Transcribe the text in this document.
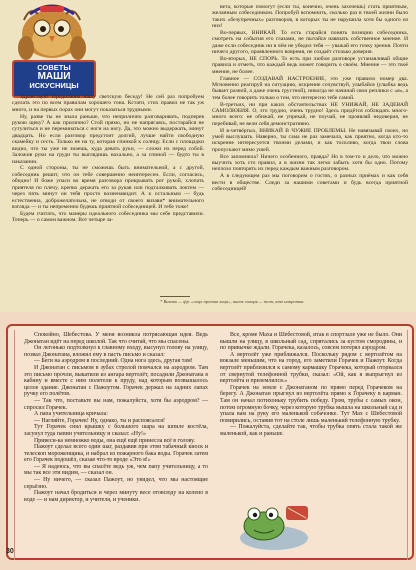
СОВЕТЫ
МАШИ
ИСКУСНИЦЫ

Здравствуй! Продолжим нашу светскую беседу! Не сей раз попробуем сделать это по всем правилам хорошего тона. Кстати, стих правил не так уж много, и на первых порах они могут показаться трудными.

Ну, разве ты не знала раньше, что неприлично разговаривать, подперев рукою щеку? А как прилично? Стой прямо, но не напрягаясь, постарайся не сутулиться и не переминаться с ноги на ногу. Да, это можно выдержать, минут двадцать. Но если разговор предстоит долгий, лучше найти свободную скамейку и сесть. Только не на ту, которая спинкой к солнцу. Если с площадки видно, что ты уже не знаешь, куда девать руки, — сложи их перед собой. Заложив руки на груди ты выглядишь нахально, а за спиной — будто ты в наказании.

С одной стороны, ты не сможешь быть внимательной, а с другой, собеседник решит, что он тебе совершенно неинтересен. Если, согласись, обидно! И боже упаси во время разговора прикрывать рот рукой, хлопать приятеля по плечу, крепко держать его за рукав или подталкивать локтем — через пять минут он тебя просто возненавидит. А к остальным — будь естественна, доброжелательна, не отводи от своего визави* внимательного взгляда — и ты непременно будешь приятной собеседницей. И тебе тоже!

Будем считать, что манеры идеального собеседника мы себе представили. Теперь — о самом важном. Вот четыре за-

вета, которые помогут (если ты, конечно, очень захочешь) стать приятным, желанным собеседником. Попробуй вспомнить, сколько раз в твоей жизни было таких «безупречных» разговоров, в которых ты не нарушила хотя бы одного из них!

Во-первых, ВНИКАЙ. То есть старайся понять позицию собеседника, смотреть на события его глазами, не пытайся навязать собственное мнение. И даже если собеседник ни в чём не убедил тебя — уважай его точку зрения. Почти ничего другого, проявленного вовремя, не создаёт столько доверия.

Во-вторых, НЕ СПОРЬ. То есть при любом разговоре устанавливай общие правила и отметь, что каждый ведь может говорить о своём. Мнение — это твоё мнение, не более.

Главное — СОЗДАВАЙ НАСТРОЕНИЕ, это уже правило номер два. Мгновенно реагируй на ситуацию, искренне сочувствуй, улыбайся (улыбка ведь бывает разной, а даже очень грустной), никогда не начинай свои реплики с «я», а тем более говорить только о том, что интересно тебе самой.

В-третьих, ни при каких обстоятельствах НЕ УНИЖАЙ, НЕ ЗАДЕВАЙ САМОЛЮБИЯ. О, это трудно, очень трудно! Здесь придётся соблюдать много-много всего: не обижай, не упрекай, не поучай, не проявляй недоверия, не перебивай, не вели себя демонстративно.

И в-четвёртых, ВНИКАЙ В ЧУЖИЕ ПРОБЛЕМЫ. Не навязывай своих, но умей выслушать. Наверно, ты сама не раз замечала, как приятно, когда кто-то искренне интересуется твоими делами, и как тоскливо, когда твои слова пропускают мимо ушей.

Все запомнила? Ничего особенного, правда? Но в том-то и дело, что можно выучить хоть сто правил, а в жизни так легко забыть хотя бы одно. Потому неплохо повторять их перед каждым важным разговором.

А в следующем раз мы поговорим о гостях, о разных приёмах и как себя вести в обществе. Следи за нашими советами и будь всегда приятной собеседницей!

* Визави — фр. «лицо против лица», иначе говоря — тот, кто напротив.

Спокойно, Шебестова. У меня возникла потрясающая идея. Ведь Джонатан идёт на перед школой. Так что считай, что мы спасены.

Он легонько подтолкнул к главному входу, высунул голову на улицу, позвал Джонатана, вложил ему в пасть письмо и сказал:

— Беги на аэродром в последний. Одна нога здесь, другая там!

И Джонатан с письмом в зубах стрелой помчался на аэродром. Там это письмо прочли, выкатили из ангара вертолёт, посадили Джонатана в кабину и вместе с ним полетели к пруду, над которым возвышалось целое здание. Джонатан с Пажоутом. Горачек держал на задних лапах ручку его полётов.

— Так что, поставьте вы нам, пожалуйста, хотя бы аэродром? — спросил Горачек.

А папа учительница кричала:

— Нагляйте, Горачек! Ну, однако, ты и распоясался!

Тут Горачек снял крышку с большого шара на шпиле костёла, засунул туда папин учительницу и сказал: «Ну!»

Привеси-ка немножко воды, она ещё ещё принесла всё в голову.

Пажоут сделал всего один шаг, раздавив при этом табачный киоск и телескоп мороженщика, и набрал из пожарного бака воды. Горачек затем его Горачек подошёл, сказав что-то вроде «Это я!»

— Я надеюсь, что вы спасёте ведь уж, чем папу учительницу, а то мы так все эти видим, — сказал он.

— Ну ничего, — сказал Пажоут, но увидел, что мы настоящие серьёзно.

Пажоут начал бродиться и через минуту весе отовсюду на колено в воде — и нам директор, и учителя, и ученики.

Все, кроме Маха и Шебестовой, итак в спортзале уже не было. Они вышли на улицу, в школьный сад, спрятались за кустом смородины, и по привычке ждали. Горачека, казалось, совсем потерял аэродром.

А вертолёт уже приближался. Поскольку рядом с вертолётом на вокзале меньшим, что на город, его заметили Горачек и Пажоут. Когда вертолёт приблизился к самому кармашку Горачека, который оторвался от свернутой телефонной трубки, сказал: «Ой, как я выпрыгнул из вертолёта и приземлился.»

Горачек на земле с Джонатаном по прямо перед Горачеком на берегу. А Джонатан прыгнул из вертолёта прямо к Горачеку в карман. Там он начал потихоньку трубить победу. Гром, трубы с самых окон, потом огромную бочку, через которую трубка вышла на школьный сад и упала вам на руку его маленькой собачонке. Тут Мах с Шебестовой помирились, оставив тот на столе лишь маленький телефонную трубку.

— Пожалуйста, сделайте так, чтобы трубка опять стала такой же маленькой, как и раньше.

30
